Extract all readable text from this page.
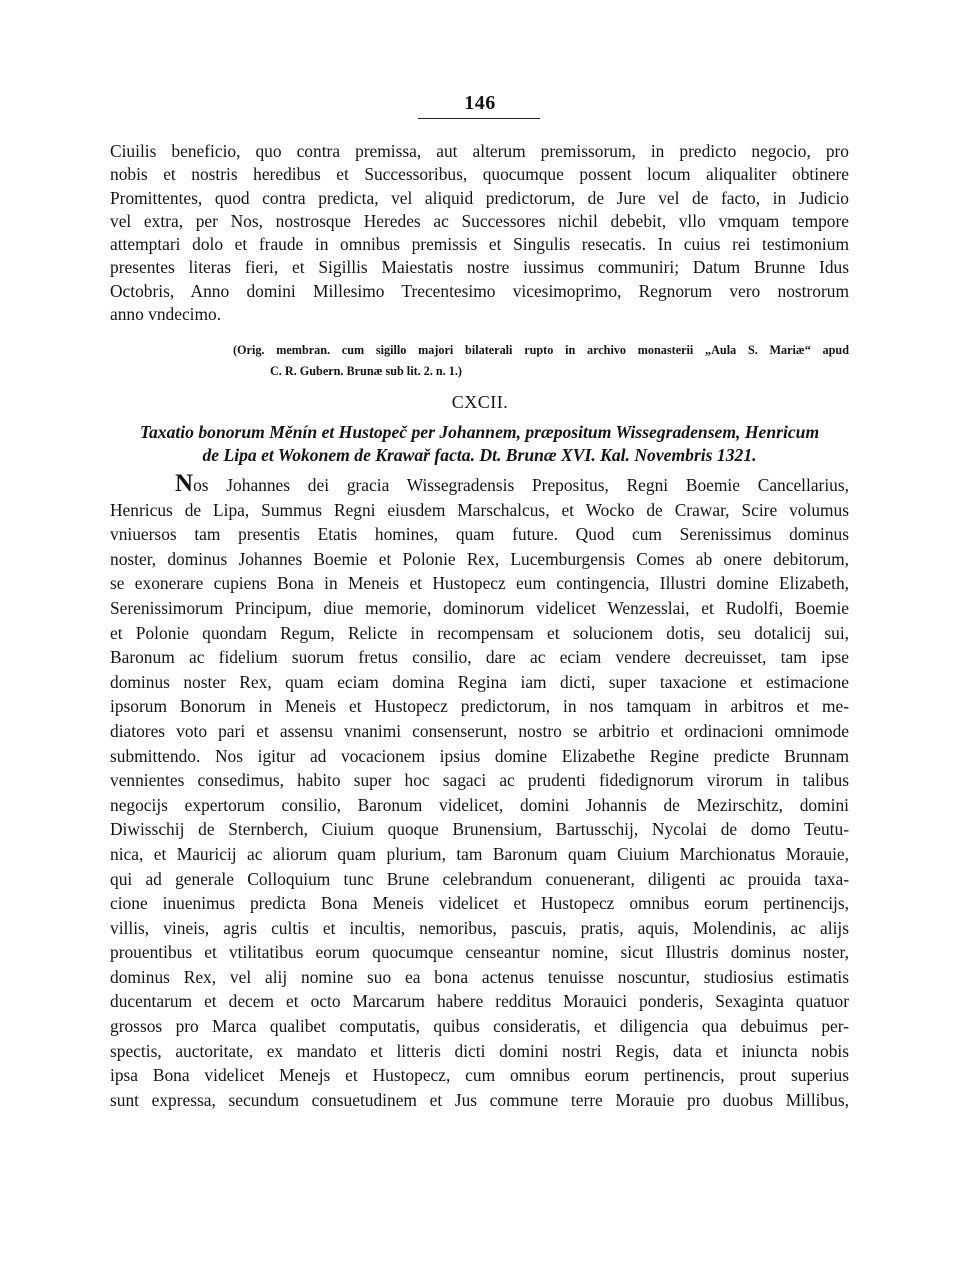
146
Ciuilis beneficio, quo contra premissa, aut alterum premissorum, in predicto negocio, pro
nobis et nostris heredibus et Successoribus, quocumque possent locum aliqualiter obtinere
Promittentes, quod contra predicta, vel aliquid predictorum, de Jure vel de facto, in Judicio
vel extra, per Nos, nostrosque Heredes ac Successores nichil debebit, vllo vmquam tempore
attemptari dolo et fraude in omnibus premissis et Singulis resecatis. In cuius rei testimonium
presentes literas fieri, et Sigillis Maiestatis nostre iussimus communiri; Datum Brunne Idus
Octobris, Anno domini Millesimo Trecentesimo vicesimoprimo, Regnorum vero nostrorum
anno vndecimo.
(Orig. membran. cum sigillo majori bilaterali rupto in archivo monasterii „Aula S. Mariæ“ apud
C. R. Gubern. Brunæ sub lit. 2. n. 1.)
CXCII.
Taxatio bonorum Měnín et Hustopeč per Johannem, præpositum Wissegradensem, Henricum
de Lipa et Wokonem de Krawař facta. Dt. Brunæ XVI. Kal. Novembris 1321.
Nos Johannes dei gracia Wissegradensis Prepositus, Regni Boemie Cancellarius,
Henricus de Lipa, Summus Regni eiusdem Marschalcus, et Wocko de Crawar, Scire volumus
vniuersos tam presentis Etatis homines, quam future. Quod cum Serenissimus dominus
noster, dominus Johannes Boemie et Polonie Rex, Lucemburgensis Comes ab onere debitorum,
se exonerare cupiens Bona in Meneis et Hustopecz eum contingencia, Illustri domine Elizabeth,
Serenissimorum Principum, diue memorie, dominorum videlicet Wenzesslai, et Rudolfi, Boemie
et Polonie quondam Regum, Relicte in recompensam et solucionem dotis, seu dotalicij sui,
Baronum ac fidelium suorum fretus consilio, dare ac eciam vendere decreuisset, tam ipse
dominus noster Rex, quam eciam domina Regina iam dicti, super taxacione et estimacione
ipsorum Bonorum in Meneis et Hustopecz predictorum, in nos tamquam in arbitros et me-
diatores voto pari et assensu vnanimi consenserunt, nostro se arbitrio et ordinacioni omnimode
submittendo. Nos igitur ad vocacionem ipsius domine Elizabethe Regine predicte Brunnam
vennientes consedimus, habito super hoc sagaci ac prudenti fidedignorum virorum in talibus
negocijs expertorum consilio, Baronum videlicet, domini Johannis de Mezirschitz, domini
Diwisschij de Sternberch, Ciuium quoque Brunensium, Bartusschij, Nycolai de domo Teutu-
nica, et Mauricij ac aliorum quam plurium, tam Baronum quam Ciuium Marchionatus Morauie,
qui ad generale Colloquium tunc Brune celebrandum conuenerant, diligenti ac prouida taxa-
cione inuenimus predicta Bona Meneis videlicet et Hustopecz omnibus eorum pertinencijs,
villis, vineis, agris cultis et incultis, nemoribus, pascuis, pratis, aquis, Molendinis, ac alijs
prouentibus et vtilitatibus eorum quocumque censeantur nomine, sicut Illustris dominus noster,
dominus Rex, vel alij nomine suo ea bona actenus tenuisse noscuntur, studiosius estimatis
ducentarum et decem et octo Marcarum habere redditus Morauici ponderis, Sexaginta quatuor
grossos pro Marca qualibet computatis, quibus consideratis, et diligencia qua debuimus per-
spectis, auctoritate, ex mandato et litteris dicti domini nostri Regis, data et iniuncta nobis
ipsa Bona videlicet Menejs et Hustopecz, cum omnibus eorum pertinencis, prout superius
sunt expressa, secundum consuetudinem et Jus commune terre Morauie pro duobus Millibus,
